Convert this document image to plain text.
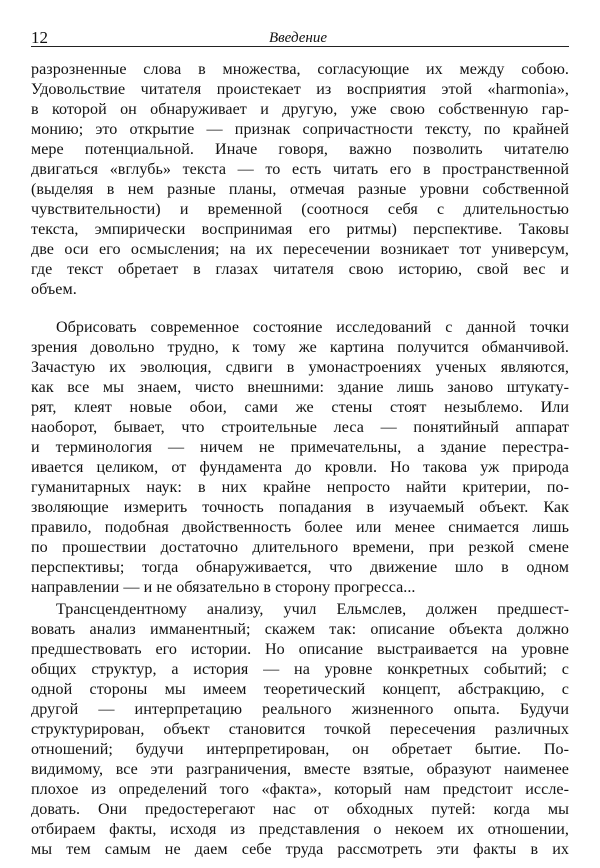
12	Введение
разрозненные слова в множества, согласующие их между собою.
Удовольствие читателя проистекает из восприятия этой «harmonia»,
в которой он обнаруживает и другую, уже свою собственную гар-
монию; это открытие — признак сопричастности тексту, по крайней
мере потенциальной. Иначе говоря, важно позволить читателю
двигаться «вглубь» текста — то есть читать его в пространственной
(выделяя в нем разные планы, отмечая разные уровни собственной
чувствительности) и временной (соотнося себя с длительностью
текста, эмпирически воспринимая его ритмы) перспективе. Таковы
две оси его осмысления; на их пересечении возникает тот универсум,
где текст обретает в глазах читателя свою историю, свой вес и
объем.
Обрисовать современное состояние исследований с данной точки
зрения довольно трудно, к тому же картина получится обманчивой.
Зачастую их эволюция, сдвиги в умонастроениях ученых являются,
как все мы знаем, чисто внешними: здание лишь заново штукату-
рят, клеят новые обои, сами же стены стоят незыблемо. Или
наоборот, бывает, что строительные леса — понятийный аппарат
и терминология — ничем не примечательны, а здание перестра-
ивается целиком, от фундамента до кровли. Но такова уж природа
гуманитарных наук: в них крайне непросто найти критерии, по-
зволяющие измерить точность попадания в изучаемый объект. Как
правило, подобная двойственность более или менее снимается лишь
по прошествии достаточно длительного времени, при резкой смене
перспективы; тогда обнаруживается, что движение шло в одном
направлении — и не обязательно в сторону прогресса...
Трансцендентному анализу, учил Ельмслев, должен предшест-
вовать анализ имманентный; скажем так: описание объекта должно
предшествовать его истории. Но описание выстраивается на уровне
общих структур, а история — на уровне конкретных событий; с
одной стороны мы имеем теоретический концепт, абстракцию, с
другой — интерпретацию реального жизненного опыта. Будучи
структурирован, объект становится точкой пересечения различных
отношений; будучи интерпретирован, он обретает бытие. По-
видимому, все эти разграничения, вместе взятые, образуют наименее
плохое из определений того «факта», который нам предстоит иссле-
довать. Они предостерегают нас от обходных путей: когда мы
отбираем факты, исходя из представления о некоем их отношении,
мы тем самым не даем себе труда рассмотреть эти факты в их
